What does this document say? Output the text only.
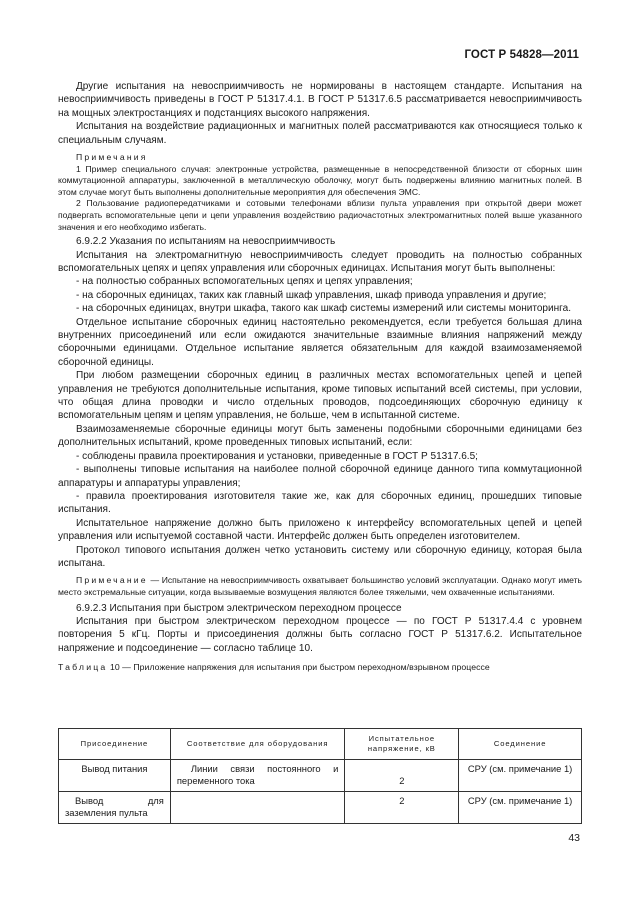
ГОСТ Р 54828—2011

Другие испытания на невосприимчивость не нормированы в настоящем стандарте. Испытания на невосприимчивость приведены в ГОСТ Р 51317.4.1. В ГОСТ Р 51317.6.5 рассматривается невосприимчивость на мощных электростанциях и подстанциях высокого напряжения.

Испытания на воздействие радиационных и магнитных полей рассматриваются как относящиеся только к специальным случаям.

Примечания

1 Пример специального случая: электронные устройства, размещенные в непосредственной близости от сборных шин коммутационной аппаратуры, заключенной в металлическую оболочку, могут быть подвержены влиянию магнитных полей. В этом случае могут быть выполнены дополнительные мероприятия для обеспечения ЭМС.

2 Пользование радиопередатчиками и сотовыми телефонами вблизи пульта управления при открытой двери может подвергать вспомогательные цепи и цепи управления воздействию радиочастотных электромагнитных полей выше указанного значения и его необходимо избегать.

6.9.2.2 Указания по испытаниям на невосприимчивость

Испытания на электромагнитную невосприимчивость следует проводить на полностью собранных вспомогательных цепях и цепях управления или сборочных единицах. Испытания могут быть выполнены:

- на полностью собранных вспомогательных цепях и цепях управления;

- на сборочных единицах, таких как главный шкаф управления, шкаф привода управления и другие;

- на сборочных единицах, внутри шкафа, такого как шкаф системы измерений или системы мониторинга.

Отдельное испытание сборочных единиц настоятельно рекомендуется, если требуется большая длина внутренних присоединений или если ожидаются значительные взаимные влияния напряжений между сборочными единицами. Отдельное испытание является обязательным для каждой взаимозаменяемой сборочной единицы.

При любом размещении сборочных единиц в различных местах вспомогательных цепей и цепей управления не требуются дополнительные испытания, кроме типовых испытаний всей системы, при условии, что общая длина проводки и число отдельных проводов, подсоединяющих сборочную единицу к вспомогательным цепям и цепям управления, не больше, чем в испытанной системе.

Взаимозаменяемые сборочные единицы могут быть заменены подобными сборочными единицами без дополнительных испытаний, кроме проведенных типовых испытаний, если:

- соблюдены правила проектирования и установки, приведенные в ГОСТ Р 51317.6.5;

- выполнены типовые испытания на наиболее полной сборочной единице данного типа коммутационной аппаратуры и аппаратуры управления;

- правила проектирования изготовителя такие же, как для сборочных единиц, прошедших типовые испытания.

Испытательное напряжение должно быть приложено к интерфейсу вспомогательных цепей и цепей управления или испытуемой составной части. Интерфейс должен быть определен изготовителем.

Протокол типового испытания должен четко установить систему или сборочную единицу, которая была испытана.

Примечание — Испытание на невосприимчивость охватывает большинство условий эксплуатации. Однако могут иметь место экстремальные ситуации, когда вызываемые возмущения являются более тяжелыми, чем охваченные испытаниями.

6.9.2.3 Испытания при быстром электрическом переходном процессе

Испытания при быстром электрическом переходном процессе — по ГОСТ Р 51317.4.4 с уровнем повторения 5 кГц. Порты и присоединения должны быть согласно ГОСТ Р 51317.6.2. Испытательное напряжение и подсоединение — согласно таблице 10.

Таблица 10 — Приложение напряжения для испытания при быстром переходном/взрывном процессе

Присоединение	Соответствие для оборудования	Испытательное напряжение, кВ	Соединение
Вывод питания	Линии связи постоянного и переменного тока	2	СРУ (см. примечание 1)
Вывод для заземления пульта		2	СРУ (см. примечание 1)
43
